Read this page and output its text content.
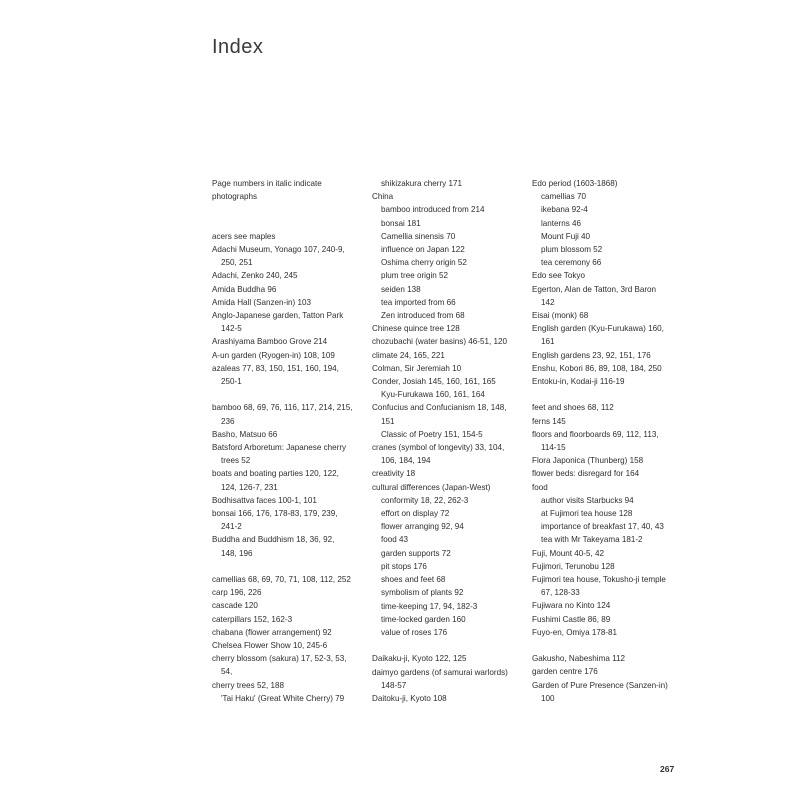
Index
Page numbers in italic indicate
photographs
acers see maples
Adachi Museum, Yonago 107, 240-9,
250, 251
Adachi, Zenko 240, 245
Amida Buddha 96
Amida Hall (Sanzen-in) 103
Anglo-Japanese garden, Tatton Park
142-5
Arashiyama Bamboo Grove 214
A-un garden (Ryogen-in) 108, 109
azaleas 77, 83, 150, 151, 160, 194,
250-1
bamboo 68, 69, 76, 116, 117, 214, 215,
236
Basho, Matsuo 66
Batsford Arboretum: Japanese cherry
trees 52
boats and boating parties 120, 122,
124, 126-7, 231
Bodhisattva faces 100-1, 101
bonsai 166, 176, 178-83, 179, 239,
241-2
Buddha and Buddhism 18, 36, 92,
148, 196
camellias 68, 69, 70, 71, 108, 112, 252
carp 196, 226
cascade 120
caterpillars 152, 162-3
chabana (flower arrangement) 92
Chelsea Flower Show 10, 245-6
cherry blossom (sakura) 17, 52-3, 53,
54,
cherry trees 52, 188
'Tai Haku' (Great White Cherry) 79
shikizakura cherry 171
China
bamboo introduced from 214
bonsai 181
Camellia sinensis 70
influence on Japan 122
Oshima cherry origin 52
plum tree origin 52
seiden 138
tea imported from 66
Zen introduced from 68
Chinese quince tree 128
chozubachi (water basins) 46-51, 120
climate 24, 165, 221
Colman, Sir Jeremiah 10
Conder, Josiah 145, 160, 161, 165
Kyu-Furukawa 160, 161, 164
Confucius and Confucianism 18, 148,
151
Classic of Poetry 151, 154-5
cranes (symbol of longevity) 33, 104,
106, 184, 194
creativity 18
cultural differences (Japan-West)
conformity 18, 22, 262-3
effort on display 72
flower arranging 92, 94
food 43
garden supports 72
pit stops 176
shoes and feet 68
symbolism of plants 92
time-keeping 17, 94, 182-3
time-locked garden 160
value of roses 176
Daikaku-ji, Kyoto 122, 125
daimyo gardens (of samurai warlords)
148-57
Daitoku-ji, Kyoto 108
Edo period (1603-1868)
camellias 70
ikebana 92-4
lanterns 46
Mount Fuji 40
plum blossom 52
tea ceremony 66
Edo see Tokyo
Egerton, Alan de Tatton, 3rd Baron
142
Eisai (monk) 68
English garden (Kyu-Furukawa) 160,
161
English gardens 23, 92, 151, 176
Enshu, Kobori 86, 89, 108, 184, 250
Entoku-in, Kodai-ji 116-19
feet and shoes 68, 112
ferns 145
floors and floorboards 69, 112, 113,
114-15
Flora Japonica (Thunberg) 158
flower beds: disregard for 164
food
author visits Starbucks 94
at Fujimori tea house 128
importance of breakfast 17, 40, 43
tea with Mr Takeyama 181-2
Fuji, Mount 40-5, 42
Fujimori, Terunobu 128
Fujimori tea house, Tokusho-ji temple
67, 128-33
Fujiwara no Kinto 124
Fushimi Castle 86, 89
Fuyo-en, Omiya 178-81
Gakusho, Nabeshima 112
garden centre 176
Garden of Pure Presence (Sanzen-in)
100
267
